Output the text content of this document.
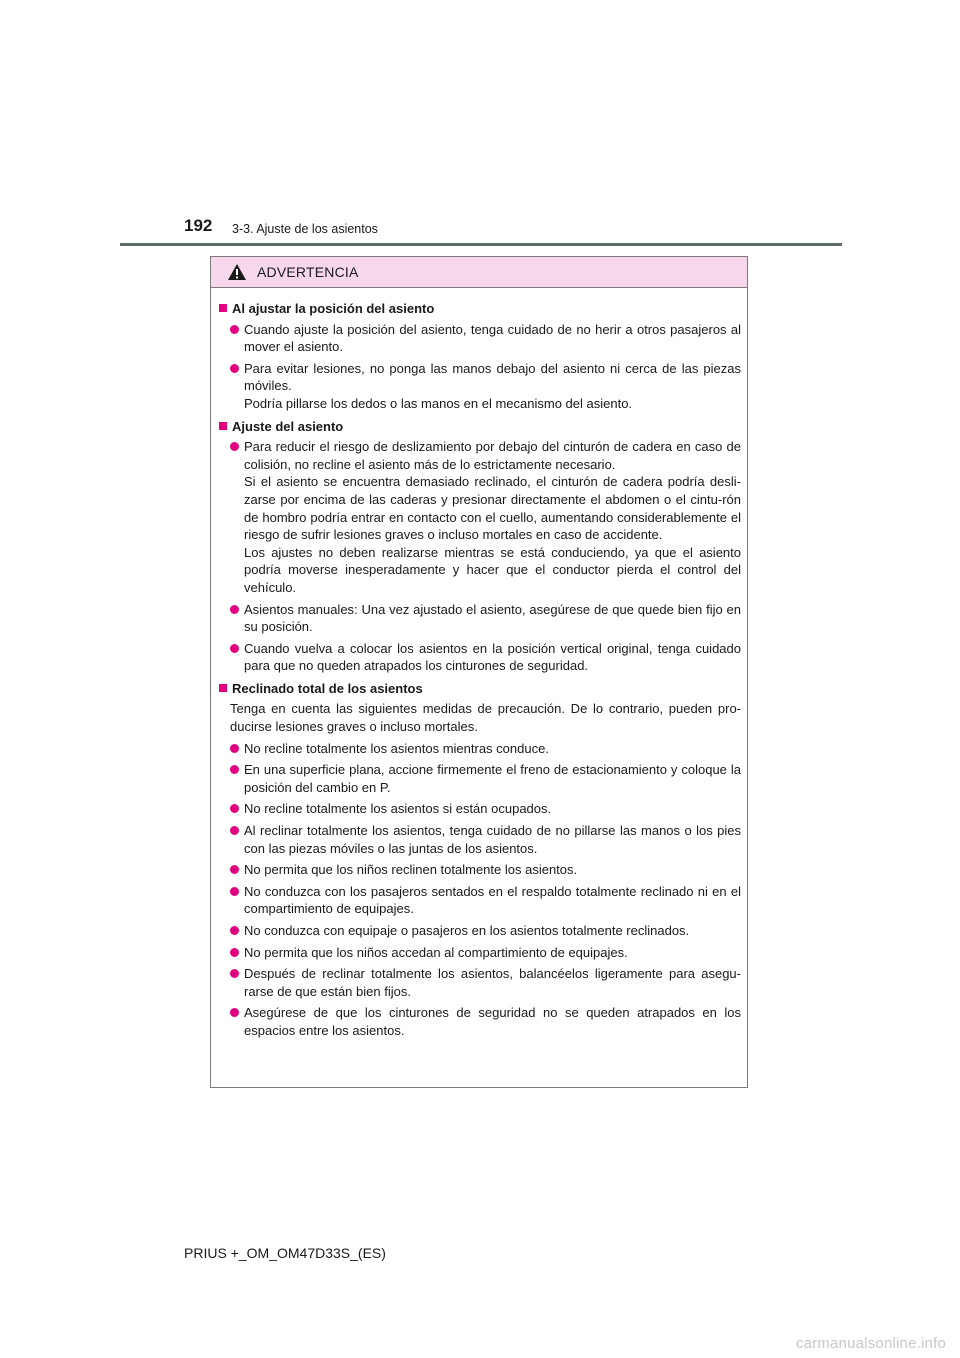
192 3-3. Ajuste de los asientos
ADVERTENCIA
Al ajustar la posición del asiento
Cuando ajuste la posición del asiento, tenga cuidado de no herir a otros pasajeros al mover el asiento.
Para evitar lesiones, no ponga las manos debajo del asiento ni cerca de las piezas móviles.
Podría pillarse los dedos o las manos en el mecanismo del asiento.
Ajuste del asiento
Para reducir el riesgo de deslizamiento por debajo del cinturón de cadera en caso de colisión, no recline el asiento más de lo estrictamente necesario.
Si el asiento se encuentra demasiado reclinado, el cinturón de cadera podría desli-zarse por encima de las caderas y presionar directamente el abdomen o el cintu-rón de hombro podría entrar en contacto con el cuello, aumentando considerablemente el riesgo de sufrir lesiones graves o incluso mortales en caso de accidente.
Los ajustes no deben realizarse mientras se está conduciendo, ya que el asiento podría moverse inesperadamente y hacer que el conductor pierda el control del vehículo.
Asientos manuales: Una vez ajustado el asiento, asegúrese de que quede bien fijo en su posición.
Cuando vuelva a colocar los asientos en la posición vertical original, tenga cuidado para que no queden atrapados los cinturones de seguridad.
Reclinado total de los asientos
Tenga en cuenta las siguientes medidas de precaución. De lo contrario, pueden pro-ducirse lesiones graves o incluso mortales.
No recline totalmente los asientos mientras conduce.
En una superficie plana, accione firmemente el freno de estacionamiento y coloque la posición del cambio en P.
No recline totalmente los asientos si están ocupados.
Al reclinar totalmente los asientos, tenga cuidado de no pillarse las manos o los pies con las piezas móviles o las juntas de los asientos.
No permita que los niños reclinen totalmente los asientos.
No conduzca con los pasajeros sentados en el respaldo totalmente reclinado ni en el compartimiento de equipajes.
No conduzca con equipaje o pasajeros en los asientos totalmente reclinados.
No permita que los niños accedan al compartimiento de equipajes.
Después de reclinar totalmente los asientos, balancéelos ligeramente para asegu-rarse de que están bien fijos.
Asegúrese de que los cinturones de seguridad no se queden atrapados en los espacios entre los asientos.
PRIUS +_OM_OM47D33S_(ES)
carmanualsonline.info
